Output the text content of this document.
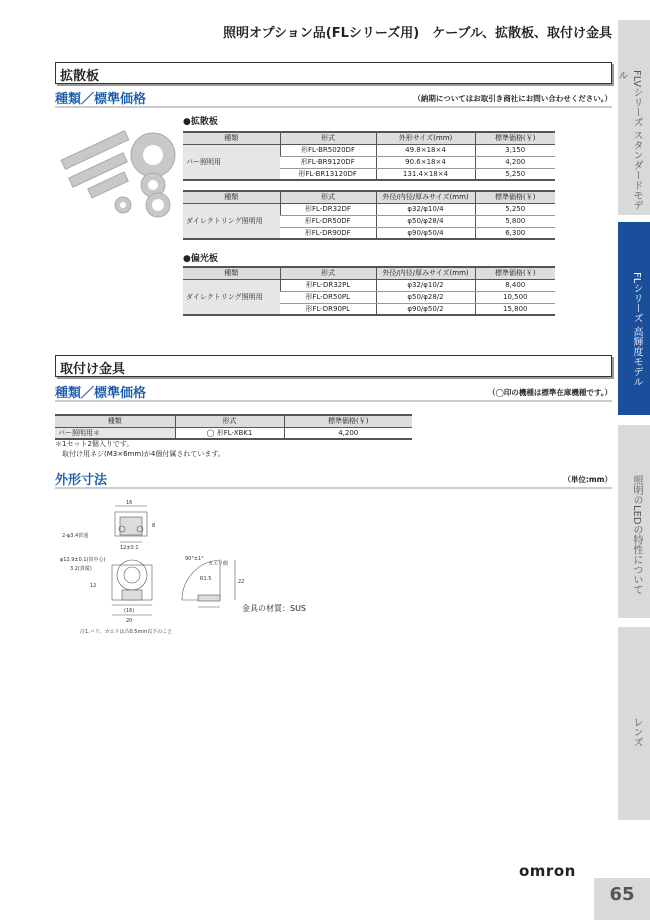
照明オプション品(FLシリーズ用)　ケーブル、拡散板、取付け金具
拡散板
種類／標準価格	（納期についてはお取引き商社にお問い合わせください。）
●拡散板
種類	形式	外形サイズ(mm)	標準価格(￥)
バー照明用	形FL-BR5020DF	49.8×18×4	3,150
	形FL-BR9120DF	90.6×18×4	4,200
	形FL-BR13120DF	131.4×18×4	5,250
種類	形式	外径/内径/厚みサイズ(mm)	標準価格(￥)
ダイレクトリング照明用	形FL-DR32DF	φ32/φ10/4	5,250
	形FL-DR50DF	φ50/φ28/4	5,800
	形FL-DR90DF	φ90/φ50/4	6,300
●偏光板
種類	形式	外径/内径/厚みサイズ(mm)	標準価格(￥)
ダイレクトリング照明用	形FL-DR32PL	φ32/φ10/2	8,400
	形FL-DR50PL	φ50/φ28/2	10,500
	形FL-DR90PL	φ90/φ50/2	15,800
取付け金具
種類／標準価格	（◯印の機種は標準在庫機種です。）
種類	形式	標準価格(￥)
バー照明用＊	◯ 形FL-XBK1	4,200
＊1セット2個入りです。
　取付け用ネジ(M3×6mm)が4個付属されています。
外形寸法	（単位:mm）
16
8
2-φ3.4貫通
12±0.1
φ12.9±0.1(貫中心)
3.2(貫縦)
12
(16)
20
22
R1.5
90°±1°
カエリ側
注1.バリ、カエリは凸0.5mm以下のこと
金具の材質：SUS
FLVシリーズ スタンダードモデル
FLシリーズ 高輝度モデル
照明のLEDの特性について
レンズ
omron
65
